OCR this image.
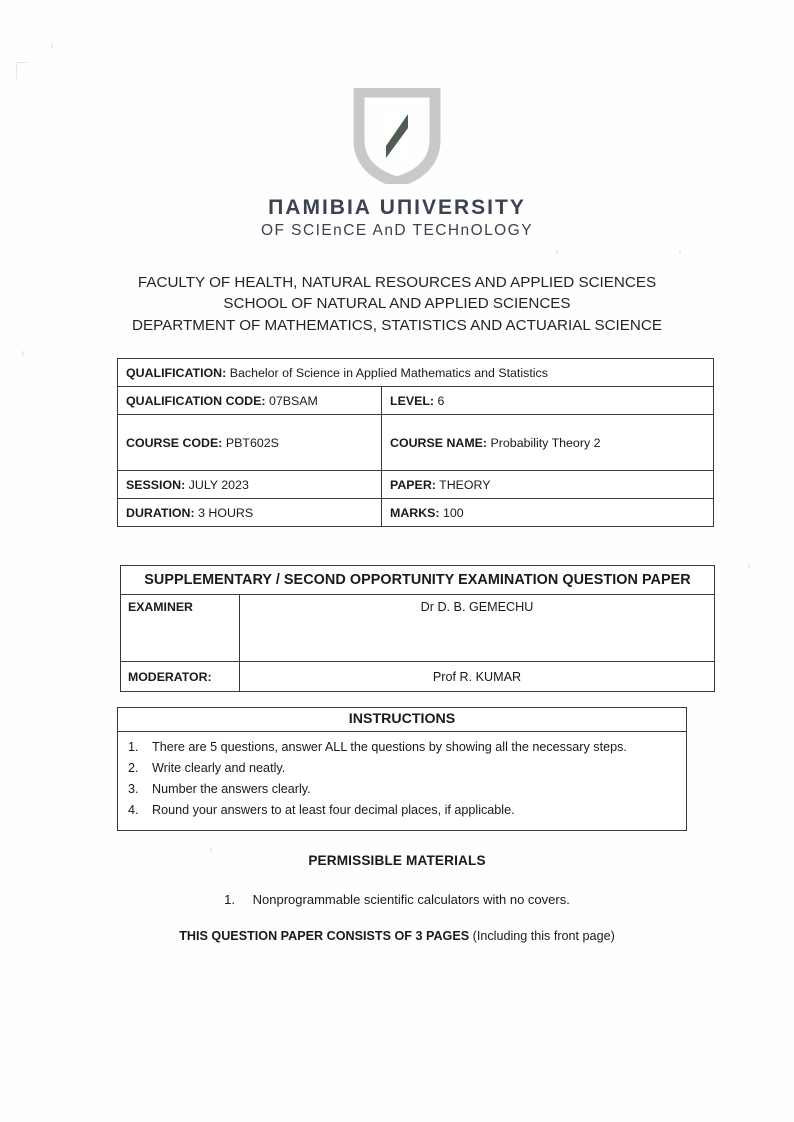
ΠΑΜΙΒΙΑ UΠIVERSITY
OF SCIEnCE AnD TECHnOLOGY
FACULTY OF HEALTH, NATURAL RESOURCES AND APPLIED SCIENCES
SCHOOL OF NATURAL AND APPLIED SCIENCES
DEPARTMENT OF MATHEMATICS, STATISTICS AND ACTUARIAL SCIENCE
QUALIFICATION: Bachelor of Science in Applied Mathematics and Statistics	
QUALIFICATION CODE: 07BSAM	LEVEL: 6
COURSE CODE: PBT602S	COURSE NAME: Probability Theory 2
SESSION: JULY 2023	PAPER: THEORY
DURATION: 3 HOURS	MARKS: 100
SUPPLEMENTARY / SECOND OPPORTUNITY EXAMINATION QUESTION PAPER	
EXAMINER	Dr D. B. GEMECHU
MODERATOR:	Prof R. KUMAR
INSTRUCTIONS
1.	There are 5 questions, answer ALL the questions by showing all the necessary steps.
2.	Write clearly and neatly.
3.	Number the answers clearly.
4.	Round your answers to at least four decimal places, if applicable.
PERMISSIBLE MATERIALS
1. Nonprogrammable scientific calculators with no covers.
THIS QUESTION PAPER CONSISTS OF 3 PAGES (Including this front page)
